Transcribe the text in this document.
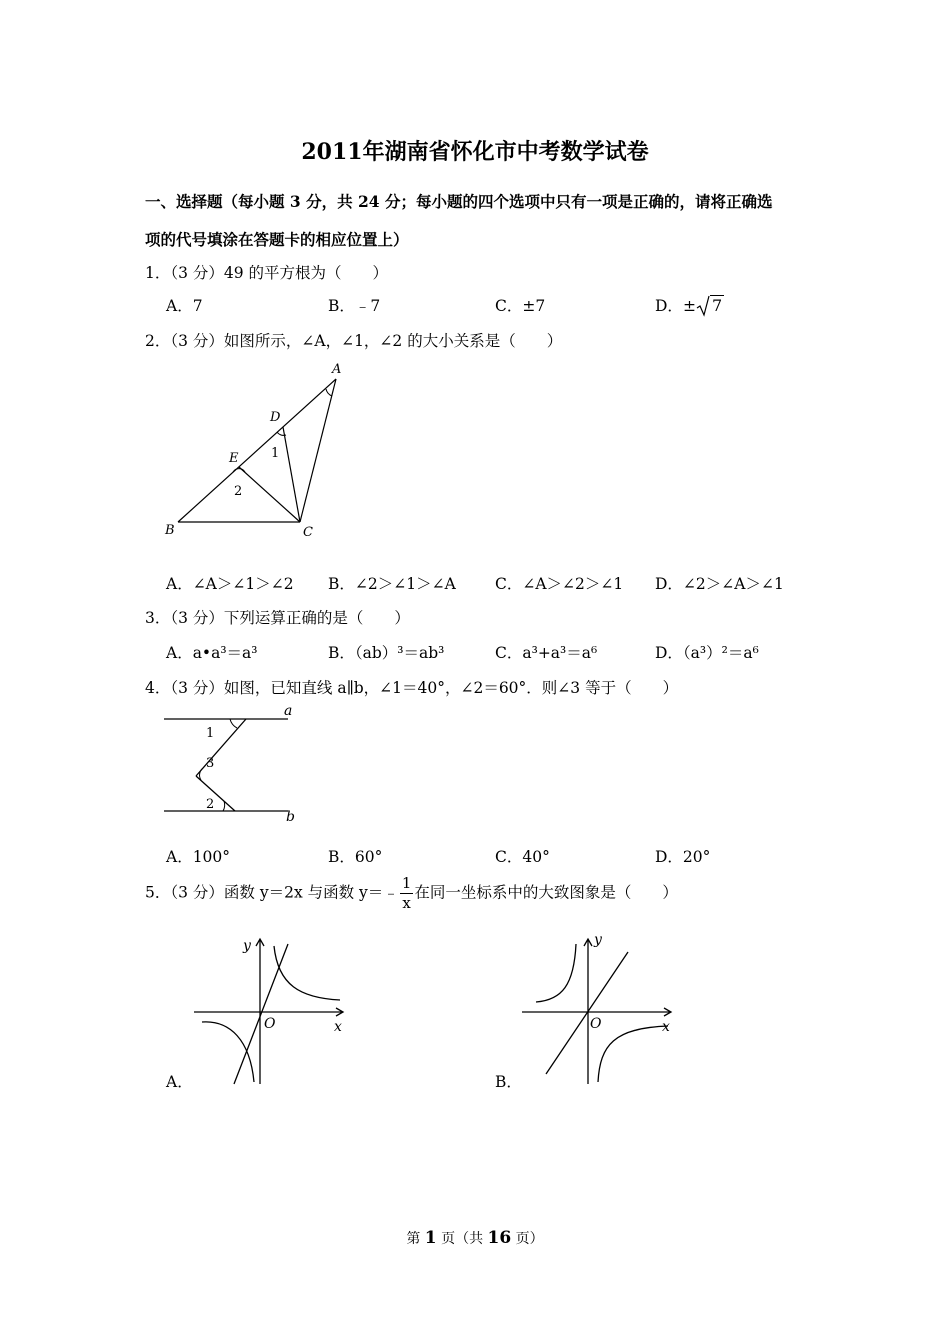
2011年湖南省怀化市中考数学试卷
一、选择题（每小题 3 分，共 24 分；每小题的四个选项中只有一项是正确的，请将正确选
项的代号填涂在答题卡的相应位置上）
1．（3 分）49 的平方根为（　　）
A．7	B．﹣7	C．±7	D．± 7
2．（3 分）如图所示，∠A，∠1，∠2 的大小关系是（　　）
A
D
E
B	C
1
2
A．∠A＞∠1＞∠2 B．∠2＞∠1＞∠A	C．∠A＞∠2＞∠1 D．∠2＞∠A＞∠1
3．（3 分）下列运算正确的是（　　）
A．a•a³＝a³	B．（ab）³＝ab³	C．a³+a³＝a⁶	D．（a³）²＝a⁶
4．（3 分）如图，已知直线 a∥b，∠1＝40°，∠2＝60°．则∠3 等于（　　）
a
b
1
3
2
A．100°	B．60°	C．40°	D．20°
5．（3 分）函数 y＝2x 与函数 y＝﹣ $\frac{1}{x}$ 在同一坐标系中的大致图象是（　　）
y
x
O
A．
y
x
O
B．
第 1 页（共 16 页）
